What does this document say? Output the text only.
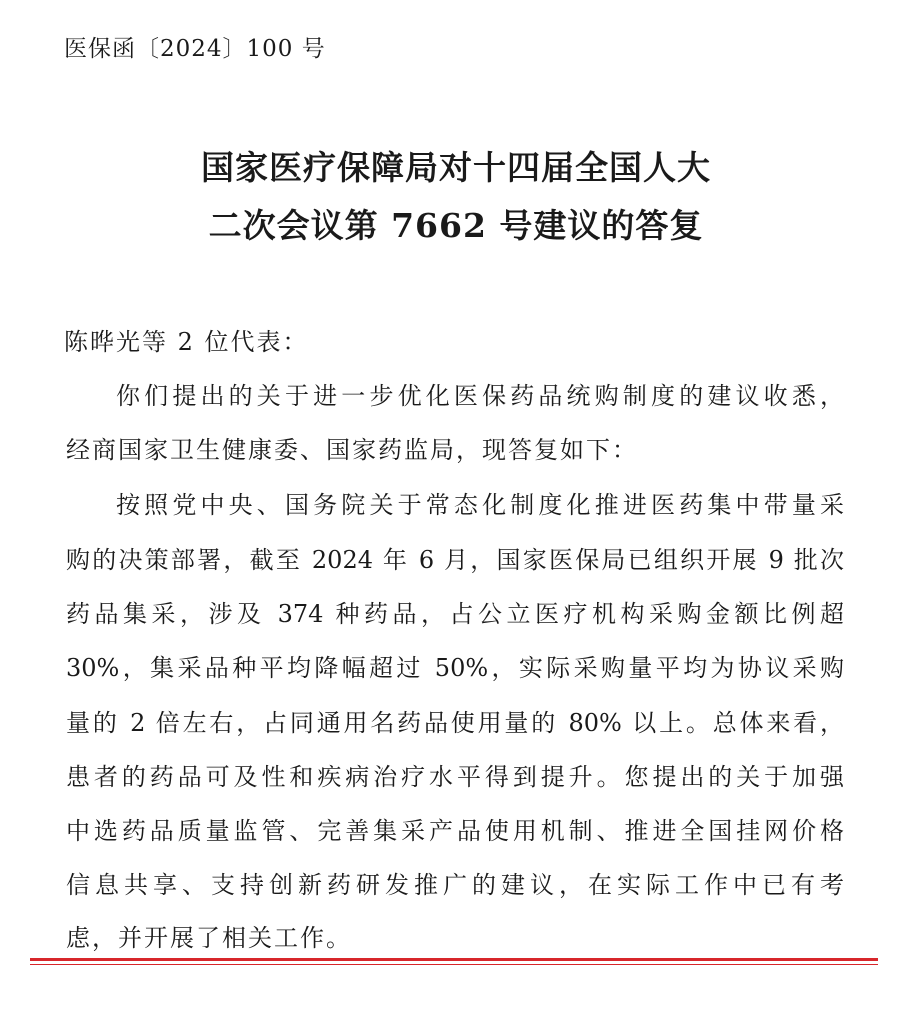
医保函〔2024〕100 号
国家医疗保障局对十四届全国人大
二次会议第 7662 号建议的答复
陈晔光等 2 位代表：
你们提出的关于进一步优化医保药品统购制度的建议收悉，
经商国家卫生健康委、国家药监局，现答复如下：
按照党中央、国务院关于常态化制度化推进医药集中带量采
购的决策部署，截至 2024 年 6 月，国家医保局已组织开展 9 批次
药品集采，涉及 374 种药品，占公立医疗机构采购金额比例超
30%，集采品种平均降幅超过 50%，实际采购量平均为协议采购
量的 2 倍左右，占同通用名药品使用量的 80% 以上。总体来看，
患者的药品可及性和疾病治疗水平得到提升。您提出的关于加强
中选药品质量监管、完善集采产品使用机制、推进全国挂网价格
信息共享、支持创新药研发推广的建议，在实际工作中已有考
虑，并开展了相关工作。
